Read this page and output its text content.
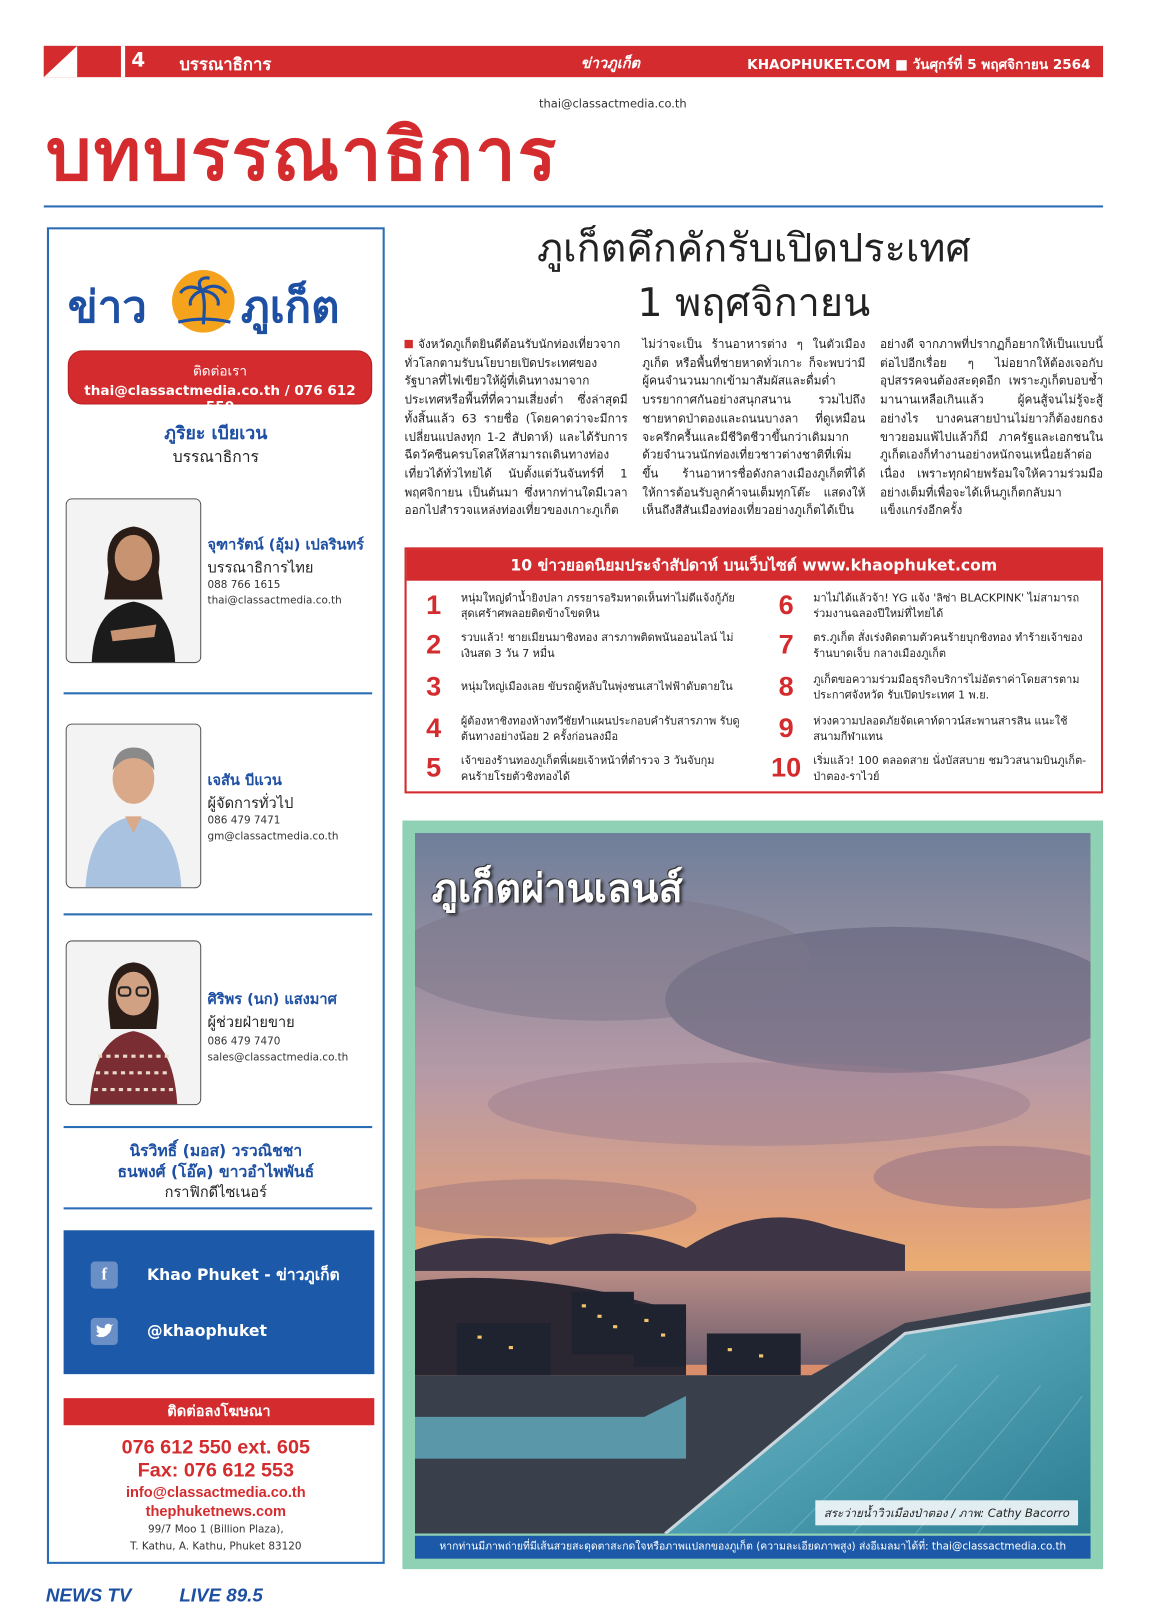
4 บรรณาธิการ	ข่าวภูเก็ต	KHAOPHUKET.COM ■ วันศุกร์ที่ 5 พฤศจิกายน 2564
thai@classactmedia.co.th
บทบรรณาธิการ
ข่าว ภูเก็ต
ติดต่อเรา
thai@classactmedia.co.th / 076 612 550
ภูริยะ เบียเวน
บรรณาธิการ
จุฑารัตน์ (อุ้ม) เปลรินทร์
บรรณาธิการไทย
088 766 1615
thai@classactmedia.co.th
เจสัน บีแวน
ผู้จัดการทั่วไป
086 479 7471
gm@classactmedia.co.th
ศิริพร (นก) แสงมาศ
ผู้ช่วยฝ่ายขาย
086 479 7470
sales@classactmedia.co.th
นิรวิทธิ์ (มอส) วรวณิชชา
ธนพงศ์ (โอ๊ค) ขาวอำไพพันธ์
กราฟิกดีไซเนอร์
f	Khao Phuket - ข่าวภูเก็ต
@khaophuket
ติดต่อลงโฆษณา
076 612 550 ext. 605
Fax: 076 612 553
info@classactmedia.co.th
thephuketnews.com
99/7 Moo 1 (Billion Plaza),
T. Kathu, A. Kathu, Phuket 83120
ภูเก็ตคึกคักรับเปิดประเทศ
1 พฤศจิกายน
จังหวัดภูเก็ตยินดีต้อนรับนักท่องเที่ยวจากทั่วโลกตามรับนโยบายเปิดประเทศของรัฐบาลที่ไฟเขียวให้ผู้ที่เดินทางมาจากประเทศหรือพื้นที่ที่ความเสี่ยงต่ำ ซึ่งล่าสุดมีทั้งสิ้นแล้ว 63 รายชื่อ (โดยคาดว่าจะมีการเปลี่ยนแปลงทุก 1-2 สัปดาห์) และได้รับการฉีดวัคซีนครบโดสให้สามารถเดินทางท่องเที่ยวได้ทั่วไทยได้ นับตั้งแต่วันจันทร์ที่ 1 พฤศจิกายน เป็นต้นมา ซึ่งหากท่านใดมีเวลาออกไปสำรวจแหล่งท่องเที่ยวของเกาะภูเก็ต ไม่ว่าจะเป็น ร้านอาหารต่าง ๆ ในตัวเมืองภูเก็ต หรือพื้นที่ชายหาดทั่วเกาะ ก็จะพบว่ามีผู้คนจำนวนมากเข้ามาสัมผัสและดื่มด่ำบรรยากาศกันอย่างสนุกสนาน รวมไปถึงชายหาดป่าตองและถนนบางลา ที่ดูเหมือนจะครึกครื้นและมีชีวิตชีวาขึ้นกว่าเดิมมาก ด้วยจำนวนนักท่องเที่ยวชาวต่างชาติที่เพิ่มขึ้น ร้านอาหารชื่อดังกลางเมืองภูเก็ตที่ได้ให้การต้อนรับลูกค้าจนเต็มทุกโต๊ะ แสดงให้เห็นถึงสีสันเมืองท่องเที่ยวอย่างภูเก็ตได้เป็นอย่างดี จากภาพที่ปรากฏก็อยากให้เป็นแบบนี้ต่อไปอีกเรื่อย ๆ ไม่อยากให้ต้องเจอกับอุปสรรคจนต้องสะดุดอีก เพราะภูเก็ตบอบช้ำมานานเหลือเกินแล้ว ผู้คนสู้จนไม่รู้จะสู้อย่างไร บางคนสายป่านไม่ยาวก็ต้องยกธงขาวยอมแพ้ไปแล้วก็มี ภาครัฐและเอกชนในภูเก็ตเองก็ทำงานอย่างหนักจนเหนื่อยล้าต่อเนื่อง เพราะทุกฝ่ายพร้อมใจให้ความร่วมมืออย่างเต็มที่เพื่อจะได้เห็นภูเก็ตกลับมาแข็งแกร่งอีกครั้ง
10 ข่าวยอดนิยมประจำสัปดาห์ บนเว็บไซต์ www.khaophuket.com
1	หนุ่มใหญ่ดำน้ำยิงปลา ภรรยารอริมหาดเห็นท่าไม่ดีแจ้งกู้ภัย สุดเศร้าศพลอยติดข้างโขดหิน
2	รวบแล้ว! ชายเมียนมาชิงทอง สารภาพติดพนันออนไลน์ ไม่เงินสด 3 วัน 7 หมื่น
3	หนุ่มใหญ่เมืองเลย ขับรถผู้หลับในพุ่งชนเสาไฟฟ้าดับตายใน
4	ผู้ต้องหาชิงทองห้างทวีชัยทำแผนประกอบคำรับสารภาพ รับดูต้นทางอย่างน้อย 2 ครั้งก่อนลงมือ
5	เจ้าของร้านทองภูเก็ตพี่เผยเจ้าหน้าที่ตำรวจ 3 วันจับกุมคนร้ายโรยตัวชิงทองได้
6	มาไม่ได้แล้วจ้า! YG แจ้ง 'ลิซ่า BLACKPINK' ไม่สามารถร่วมงานฉลองปีใหม่ที่ไทยได้
7	ตร.ภูเก็ต สั่งเร่งติดตามตัวคนร้ายบุกชิงทอง ทำร้ายเจ้าของร้านบาดเจ็บ กลางเมืองภูเก็ต
8	ภูเก็ตขอความร่วมมือธุรกิจบริการไม่อัตราค่าโดยสารตามประกาศจังหวัด รับเปิดประเทศ 1 พ.ย.
9	ห่วงความปลอดภัยจัดเคาท์ดาวน์สะพานสารสิน แนะใช้สนามกีฬาแทน
10	เริ่มแล้ว! 100 ตลอดสาย นั่งบัสสบาย ชมวิวสนามบินภูเก็ต-ป่าตอง-ราไวย์
ภูเก็ตผ่านเลนส์
สระว่ายน้ำวิวเมืองป่าตอง / ภาพ: Cathy Bacorro
หากท่านมีภาพถ่ายที่มีเส้นสวยสะดุดตาสะกดใจหรือภาพแปลกของภูเก็ต (ความละเอียดภาพสูง) ส่งอีเมลมาได้ที่: thai@classactmedia.co.th
NEWS TV	LIVE 89.5
